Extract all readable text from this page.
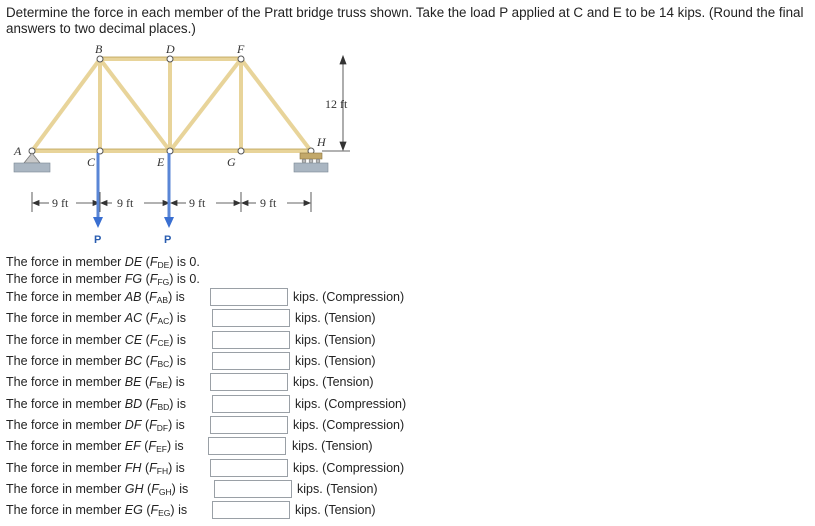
Determine the force in each member of the Pratt bridge truss shown. Take the load P applied at C and E to be 14 kips. (Round the final answers to two decimal places.)
12 ft
B	D	F
A
C	E	G
H
9 ft	9 ft	9 ft	9 ft
P	P
The force in member DE $(F_{DE})$ is 0.
The force in member FG $(F_{FG})$ is 0.
The force in member AB $(F_{AB})$ is	kips. (Compression)
The force in member AC $(F_{AC})$ is	kips. (Tension)
The force in member CE $(F_{CE})$ is	kips. (Tension)
The force in member BC $(F_{BC})$ is	kips. (Tension)
The force in member BE $(F_{BE})$ is	kips. (Tension)
The force in member BD $(F_{BD})$ is	kips. (Compression)
The force in member DF $(F_{DF})$ is	kips. (Compression)
The force in member EF $(F_{EF})$ is	kips. (Tension)
The force in member FH $(F_{FH})$ is	kips. (Compression)
The force in member GH $(F_{GH})$ is	kips. (Tension)
The force in member EG $(F_{EG})$ is	kips. (Tension)
